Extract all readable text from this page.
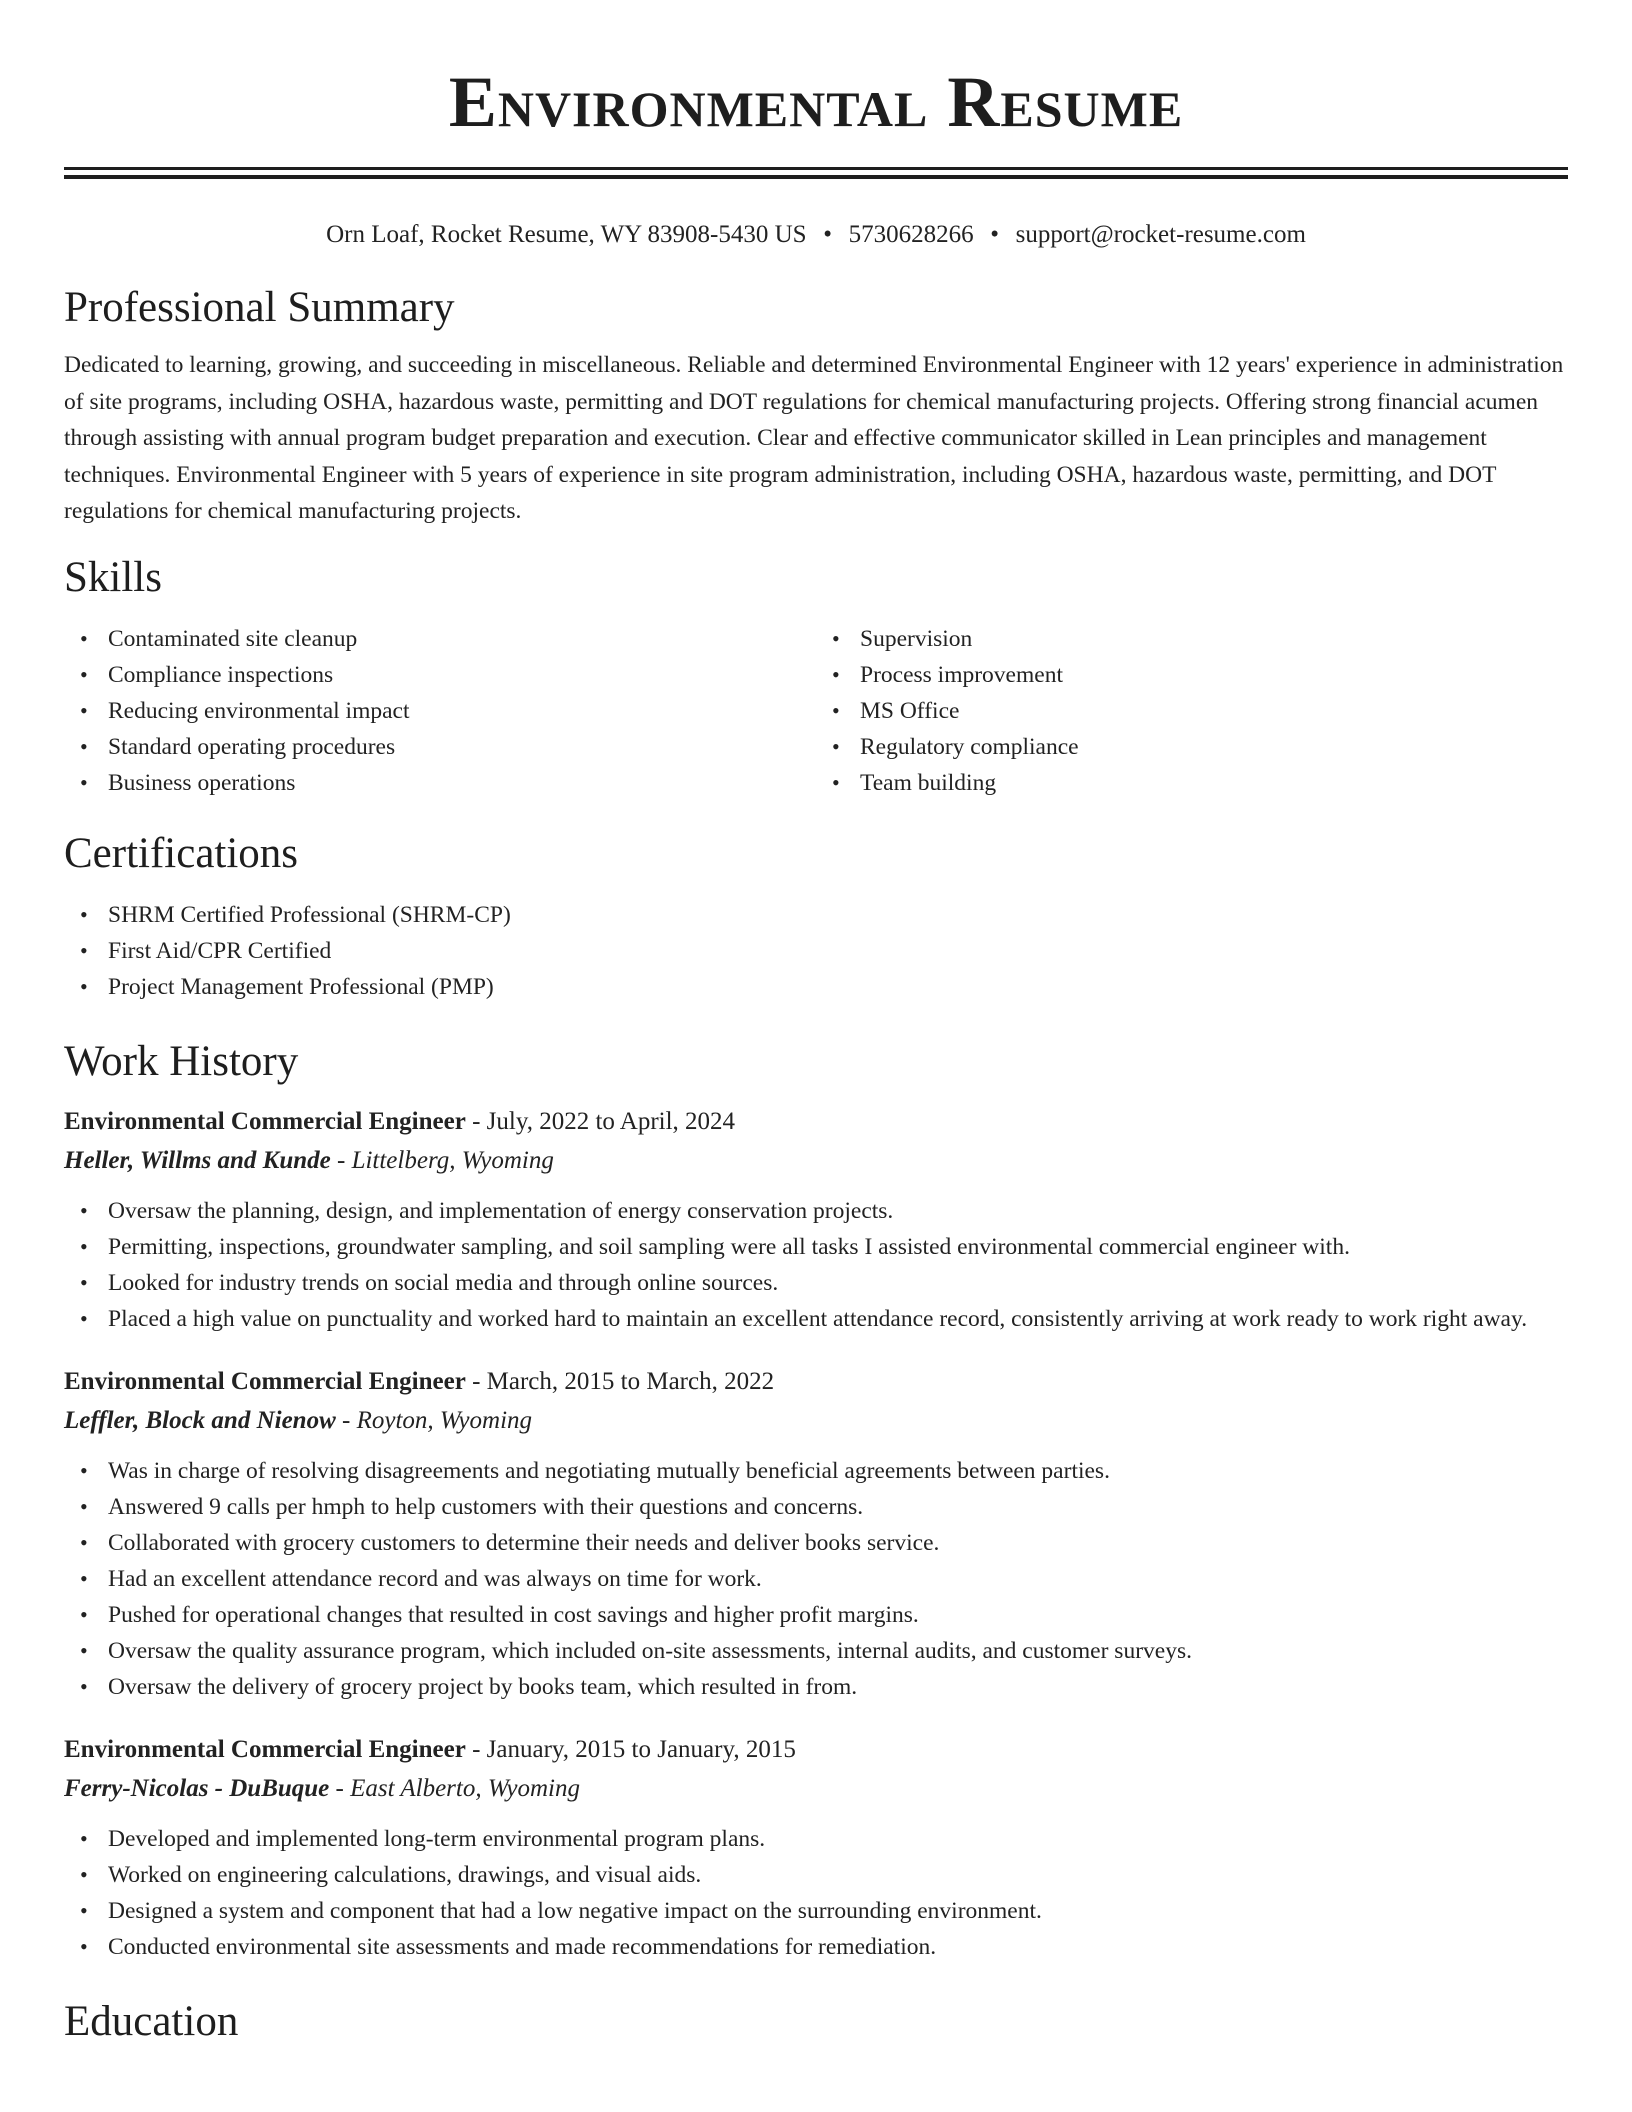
Environmental Resume
Orn Loaf, Rocket Resume, WY 83908-5430 US • 5730628266 • support@rocket-resume.com
Professional Summary

Dedicated to learning, growing, and succeeding in miscellaneous. Reliable and determined Environmental Engineer with 12 years' experience in administration of site programs, including OSHA, hazardous waste, permitting and DOT regulations for chemical manufacturing projects. Offering strong financial acumen through assisting with annual program budget preparation and execution. Clear and effective communicator skilled in Lean principles and management techniques. Environmental Engineer with 5 years of experience in site program administration, including OSHA, hazardous waste, permitting, and DOT regulations for chemical manufacturing projects.

Skills
• Contaminated site cleanup
• Compliance inspections
• Reducing environmental impact
• Standard operating procedures
• Business operations
• Supervision
• Process improvement
• MS Office
• Regulatory compliance
• Team building
Certifications
• SHRM Certified Professional (SHRM-CP)
• First Aid/CPR Certified
• Project Management Professional (PMP)
Work History
Environmental Commercial Engineer - July, 2022 to April, 2024
Heller, Willms and Kunde - Littelberg, Wyoming
• Oversaw the planning, design, and implementation of energy conservation projects.
• Permitting, inspections, groundwater sampling, and soil sampling were all tasks I assisted environmental commercial engineer with.
• Looked for industry trends on social media and through online sources.
• Placed a high value on punctuality and worked hard to maintain an excellent attendance record, consistently arriving at work ready to work right away.
Environmental Commercial Engineer - March, 2015 to March, 2022
Leffler, Block and Nienow - Royton, Wyoming
• Was in charge of resolving disagreements and negotiating mutually beneficial agreements between parties.
• Answered 9 calls per hmph to help customers with their questions and concerns.
• Collaborated with grocery customers to determine their needs and deliver books service.
• Had an excellent attendance record and was always on time for work.
• Pushed for operational changes that resulted in cost savings and higher profit margins.
• Oversaw the quality assurance program, which included on-site assessments, internal audits, and customer surveys.
• Oversaw the delivery of grocery project by books team, which resulted in from.
Environmental Commercial Engineer - January, 2015 to January, 2015
Ferry-Nicolas - DuBuque - East Alberto, Wyoming
• Developed and implemented long-term environmental program plans.
• Worked on engineering calculations, drawings, and visual aids.
• Designed a system and component that had a low negative impact on the surrounding environment.
• Conducted environmental site assessments and made recommendations for remediation.
Education
